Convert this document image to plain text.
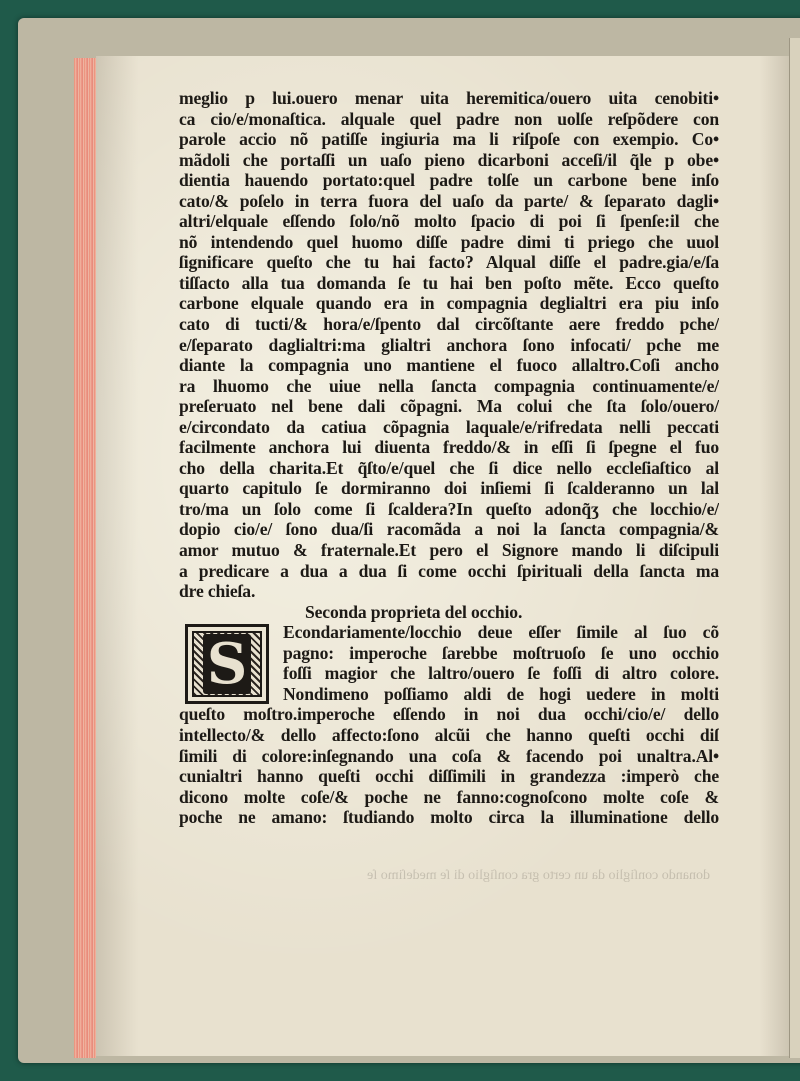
meglio p lui.ouero menar uita heremitica/ouero uita cenobiti•
ca cio/e/monaſtica. alquale quel padre non uolſe reſpõdere con
parole accio nõ patiſſe ingiuria ma li riſpoſe con exempio. Co•
mãdoli che portaſſi un uaſo pieno dicarboni acceſi/il q̃le p obe•
dientia hauendo portato:quel padre tolſe un carbone bene inſo
cato/& poſelo in terra fuora del uaſo da parte/ & ſeparato dagli•
altri/elquale eſſendo ſolo/nõ molto ſpacio di poi ſi ſpenſe:il che
nõ intendendo quel huomo diſſe padre dimi ti priego che uuol
ſignificare queſto che tu hai facto? Alqual diſſe el padre.gia/e/ſa
tiſſacto alla tua domanda ſe tu hai ben poſto mẽte. Ecco queſto
carbone elquale quando era in compagnia deglialtri era piu inſo
cato di tucti/& hora/e/ſpento dal circõſtante aere freddo pche/
e/ſeparato daglialtri:ma glialtri anchora ſono infocati/ pche me
diante la compagnia uno mantiene el fuoco allaltro.Coſi ancho
ra lhuomo che uiue nella ſancta compagnia continuamente/e/
preſeruato nel bene dali cõpagni. Ma colui che ſta ſolo/ouero/
e/circondato da catiua cõpagnia laquale/e/rifredata nelli peccati
facilmente anchora lui diuenta freddo/& in eſſi ſi ſpegne el fuo
cho della charita.Et q̃ſto/e/quel che ſi dice nello eccleſiaſtico al
quarto capitulo ſe dormiranno doi inſiemi ſi ſcalderanno un lal
tro/ma un ſolo come ſi ſcaldera?In queſto adonq̃ʒ che locchio/e/
dopio cio/e/ ſono dua/ſi racomãda a noi la ſancta compagnia/&
amor mutuo & fraternale.Et pero el Signore mando li diſcipuli
a predicare a dua a dua ſi come occhi ſpirituali della ſancta ma
dre chieſa.
Seconda proprieta del occhio.
S	Econdariamente/locchio deue eſſer ſimile al ſuo cõ
pagno: imperoche ſarebbe moſtruoſo ſe uno occhio
foſſi magior che laltro/ouero ſe foſſi di altro colore.
Nondimeno poſſiamo aldi de hogi uedere in molti
queſto moſtro.imperoche eſſendo in noi dua occhi/cio/e/ dello
intellecto/& dello affecto:ſono alcũi che hanno queſti occhi diſ
ſimili di colore:inſegnando una coſa & facendo poi unaltra.Al•
cunialtri hanno queſti occhi diſſimili in grandezza :imperò che
dicono molte coſe/& poche ne fanno:cognoſcono molte coſe &
poche ne amano: ſtudiando molto circa la illuminatione dello
donando conſiglio da un certo gra conſiglio di ſe medeſimo ſe
